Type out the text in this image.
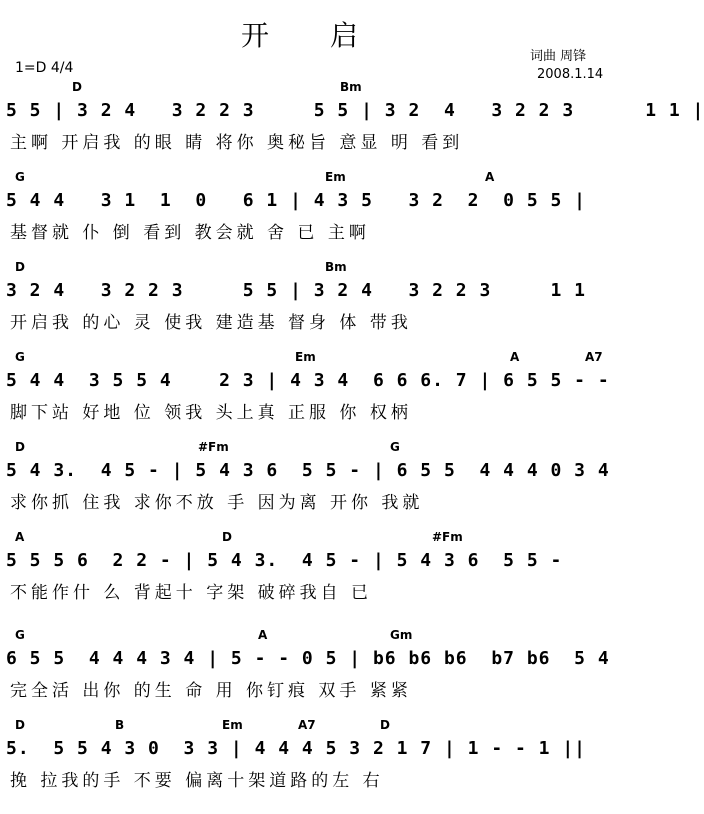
开 启
词曲 周锋
2008.1.14
1=D 4/4
D	Bm
5 5 | 3 2 4   3 2 2 3     5 5 | 3 2  4   3 2 2 3      1 1 |
主啊 开启我 的眼 睛 将你 奥秘旨 意显 明 看到
G	Em	A
5 4 4   3 1  1  0   6 1 | 4 3 5   3 2  2  0 5 5 |
基督就 仆 倒 看到 教会就 舍 已 主啊
D	Bm
3 2 4   3 2 2 3     5 5 | 3 2 4   3 2 2 3     1 1
开启我 的心 灵 使我 建造基 督身 体 带我
G	Em	A	A7
5 4 4  3 5 5 4    2 3 | 4 3 4  6 6 6. 7 | 6 5 5 - -
脚下站 好地 位 领我 头上真 正服 你 权柄
D	#Fm	G
5 4 3.  4 5 - | 5 4 3 6  5 5 - | 6 5 5  4 4 4 0 3 4
求你抓 住我 求你不放 手 因为离 开你 我就
A	D	#Fm
5 5 5 6  2 2 - | 5 4 3.  4 5 - | 5 4 3 6  5 5 -
不能作什 么 背起十 字架 破碎我自 已
G	A	Gm
6 5 5  4 4 4 3 4 | 5 - - 0 5 | b6 b6 b6  b7 b6  5 4
完全活 出你 的生 命 用 你钉痕 双手 紧紧
D	B	Em	A7	D
5.  5 5 4 3 0  3 3 | 4 4 4 5 3 2 1 7 | 1 - - 1 ||
挽 拉我的手 不要 偏离十架道路的左 右
